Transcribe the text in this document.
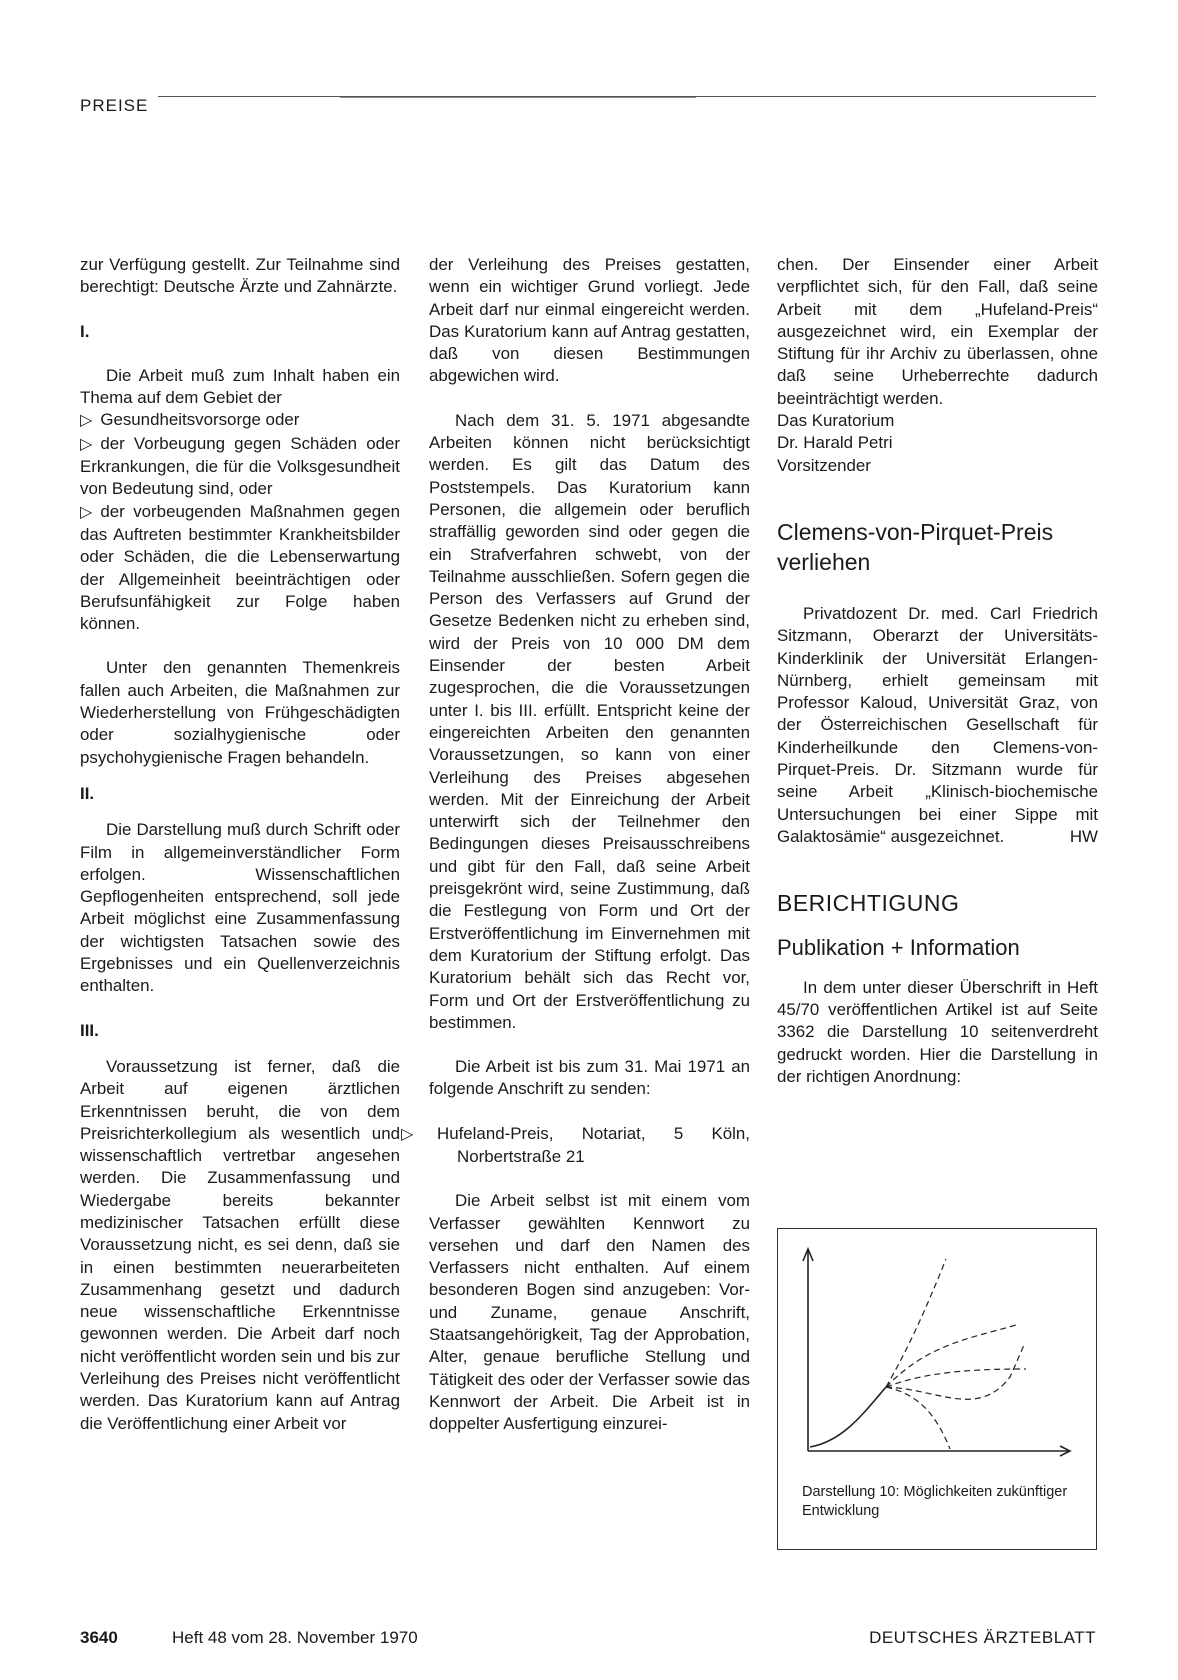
PREISE

zur Verfügung gestellt. Zur Teilnahme sind berechtigt: Deutsche Ärzte und Zahnärzte.

I.

Die Arbeit muß zum Inhalt haben ein Thema auf dem Gebiet der

▷ Gesundheitsvorsorge oder

▷ der Vorbeugung gegen Schäden oder Erkrankungen, die für die Volksgesundheit von Bedeutung sind, oder

▷ der vorbeugenden Maßnahmen gegen das Auftreten bestimmter Krankheitsbilder oder Schäden, die die Lebenserwartung der Allgemeinheit beeinträchtigen oder Berufsunfähigkeit zur Folge haben können.

Unter den genannten Themenkreis fallen auch Arbeiten, die Maßnahmen zur Wiederherstellung von Frühgeschädigten oder sozialhygienische oder psychohygienische Fragen behandeln.

II.

Die Darstellung muß durch Schrift oder Film in allgemeinverständlicher Form erfolgen. Wissenschaftlichen Gepflogenheiten entsprechend, soll jede Arbeit möglichst eine Zusammenfassung der wichtigsten Tatsachen sowie des Ergebnisses und ein Quellenverzeichnis enthalten.

III.

Voraussetzung ist ferner, daß die Arbeit auf eigenen ärztlichen Erkenntnissen beruht, die von dem Preisrichterkollegium als wesentlich und wissenschaftlich vertretbar angesehen werden. Die Zusammenfassung und Wiedergabe bereits bekannter medizinischer Tatsachen erfüllt diese Voraussetzung nicht, es sei denn, daß sie in einen bestimmten neuerarbeiteten Zusammenhang gesetzt und dadurch neue wissenschaftliche Erkenntnisse gewonnen werden. Die Arbeit darf noch nicht veröffentlicht worden sein und bis zur Verleihung des Preises nicht veröffentlicht werden. Das Kuratorium kann auf Antrag die Veröffentlichung einer Arbeit vor

der Verleihung des Preises gestatten, wenn ein wichtiger Grund vorliegt. Jede Arbeit darf nur einmal eingereicht werden. Das Kuratorium kann auf Antrag gestatten, daß von diesen Bestimmungen abgewichen wird.

Nach dem 31. 5. 1971 abgesandte Arbeiten können nicht berücksichtigt werden. Es gilt das Datum des Poststempels. Das Kuratorium kann Personen, die allgemein oder beruflich straffällig geworden sind oder gegen die ein Strafverfahren schwebt, von der Teilnahme ausschließen. Sofern gegen die Person des Verfassers auf Grund der Gesetze Bedenken nicht zu erheben sind, wird der Preis von 10 000 DM dem Einsender der besten Arbeit zugesprochen, die die Voraussetzungen unter I. bis III. erfüllt. Entspricht keine der eingereichten Arbeiten den genannten Voraussetzungen, so kann von einer Verleihung des Preises abgesehen werden. Mit der Einreichung der Arbeit unterwirft sich der Teilnehmer den Bedingungen dieses Preisausschreibens und gibt für den Fall, daß seine Arbeit preisgekrönt wird, seine Zustimmung, daß die Festlegung von Form und Ort der Erstveröffentlichung im Einvernehmen mit dem Kuratorium der Stiftung erfolgt. Das Kuratorium behält sich das Recht vor, Form und Ort der Erstveröffentlichung zu bestimmen.

Die Arbeit ist bis zum 31. Mai 1971 an folgende Anschrift zu senden:

▷ Hufeland-Preis, Notariat, 5 Köln, Norbertstraße 21

Die Arbeit selbst ist mit einem vom Verfasser gewählten Kennwort zu versehen und darf den Namen des Verfassers nicht enthalten. Auf einem besonderen Bogen sind anzugeben: Vor- und Zuname, genaue Anschrift, Staatsangehörigkeit, Tag der Approbation, Alter, genaue berufliche Stellung und Tätigkeit des oder der Verfasser sowie das Kennwort der Arbeit. Die Arbeit ist in doppelter Ausfertigung einzurei-

chen. Der Einsender einer Arbeit verpflichtet sich, für den Fall, daß seine Arbeit mit dem „Hufeland-Preis“ ausgezeichnet wird, ein Exemplar der Stiftung für ihr Archiv zu überlassen, ohne daß seine Urheberrechte dadurch beeinträchtigt werden.

Das Kuratorium

Dr. Harald Petri

Vorsitzender

Clemens-von-Pirquet-Preis verliehen

Privatdozent Dr. med. Carl Friedrich Sitzmann, Oberarzt der Universitäts-Kinderklinik der Universität Erlangen-Nürnberg, erhielt gemeinsam mit Professor Kaloud, Universität Graz, von der Österreichischen Gesellschaft für Kinderheilkunde den Clemens-von-Pirquet-Preis. Dr. Sitzmann wurde für seine Arbeit „Klinisch-biochemische Untersuchungen bei einer Sippe mit Galaktosämie“ ausgezeichnet.	HW

BERICHTIGUNG

Publikation + Information

In dem unter dieser Überschrift in Heft 45/70 veröffentlichen Artikel ist auf Seite 3362 die Darstellung 10 seitenverdreht gedruckt worden. Hier die Darstellung in der richtigen Anordnung:

Darstellung 10: Möglichkeiten zukünftiger Entwicklung
3640	Heft 48 vom 28. November 1970	DEUTSCHES ÄRZTEBLATT
